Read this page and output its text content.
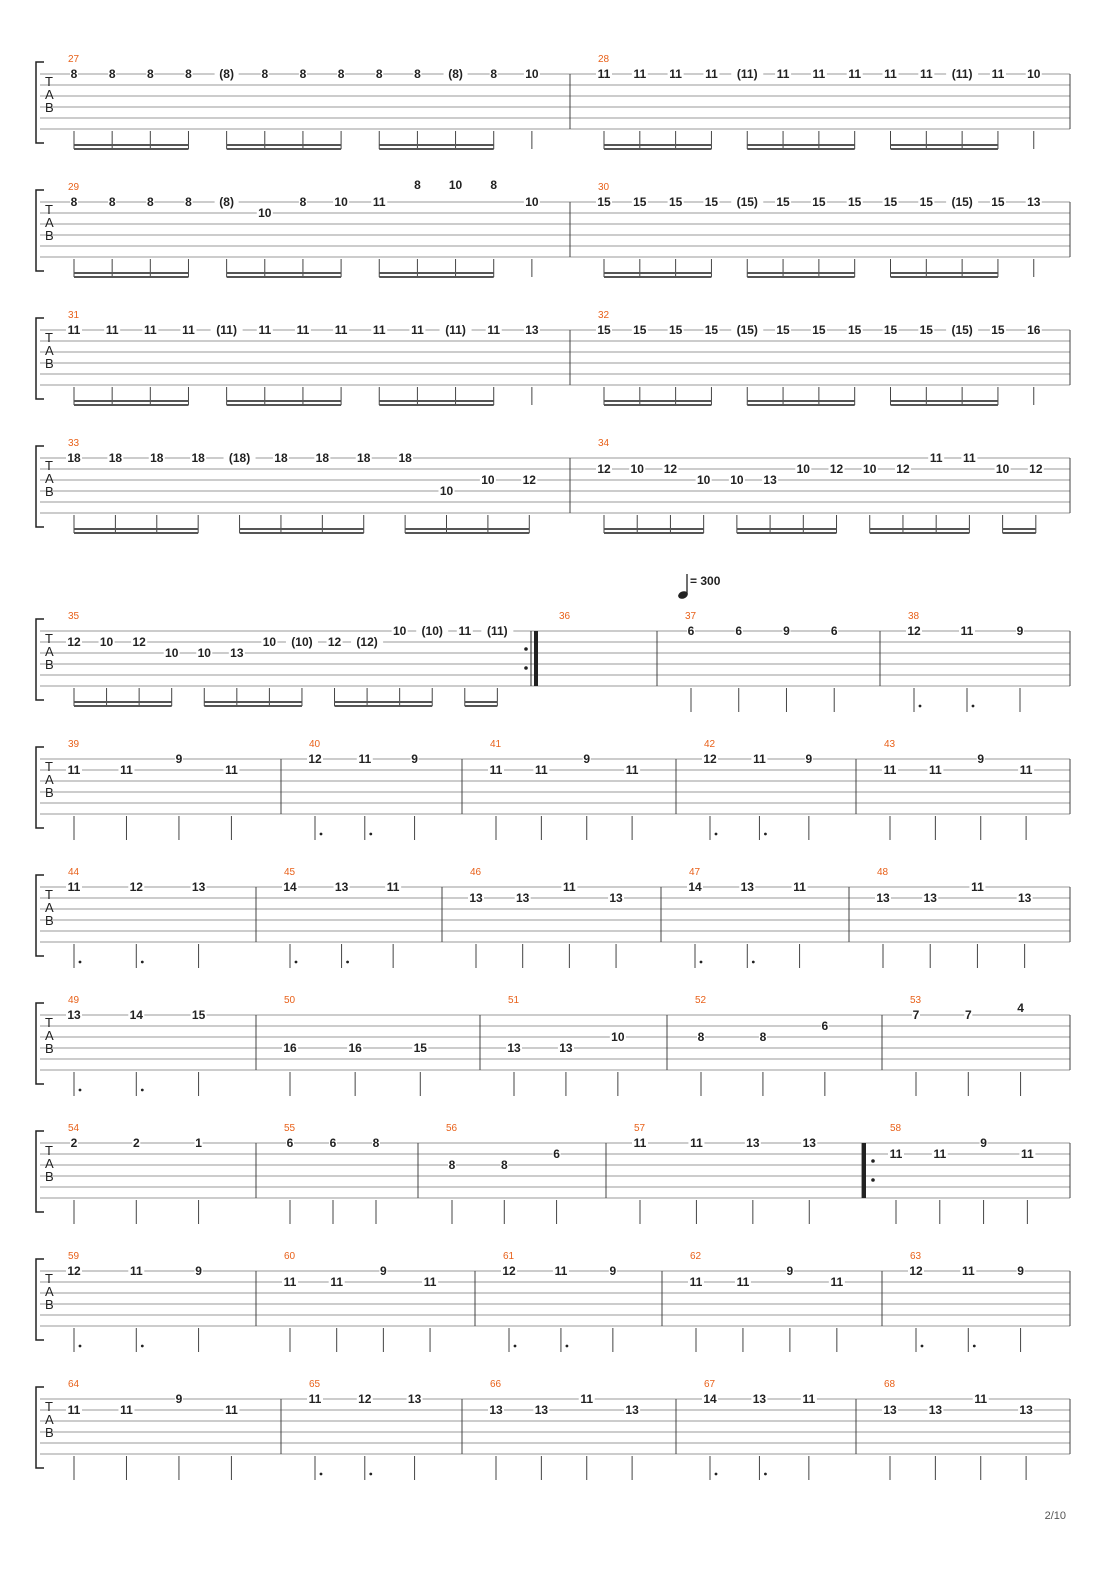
T
A
B
27
8	8	8	8 (8) 8	8	8	8	8 (8) 8 10
28
11 11 11 11 (11) 11 11 11 11 11 (11) 11 10
T
A
B
29
8	8	8	8 (8)
10
8 10 11
8 10 8
10
30
15 15 15 15 (15) 15 15 15 15 15 (15) 15 13
T
A
B
31
11 11 11 11 (11) 11 11 11 11 11 (11) 11 13
32
15 15 15 15 (15) 15 15 15 15 15 (15) 15 16
T
A
B
33
18 18 18 18 (18) 18 18 18 18
10
10 12
34
12 10 12
10 10 13
10 12 10 12
11 11
10 12
T
A
B
35
12 10 12
10 10 13
10 (10) 12 (12)
10 (10) 11 (11)
36	37
6	6	9	6
38
12	11	9
T
A
B
39
11	11
9
11
40
12	11	9
41
11	11
9
11
42
12	11	9
43
11	11
9
11
T
A
B
44
11	12	13
45
14	13	11
46
13	13
11
13
47
14	13	11
48
13	13
11
13
T
A
B
49
13	14	15
50
16	16	15
51
13	13
10
52
8	8
6
53
7	7
4
T
A
B
54
2	2	1
55
6	6	8
56
8	8
6
57
11	11	13	13
58
11	11
9
11
T
A
B
59
12	11	9
60
11	11
9
11
61
12	11	9
62
11	11
9
11
63
12	11	9
T
A
B
64
11	11
9
11
65
11	12	13
66
13	13
11
13
67
14	13	11
68
13	13
11
13
= 300
2/10
